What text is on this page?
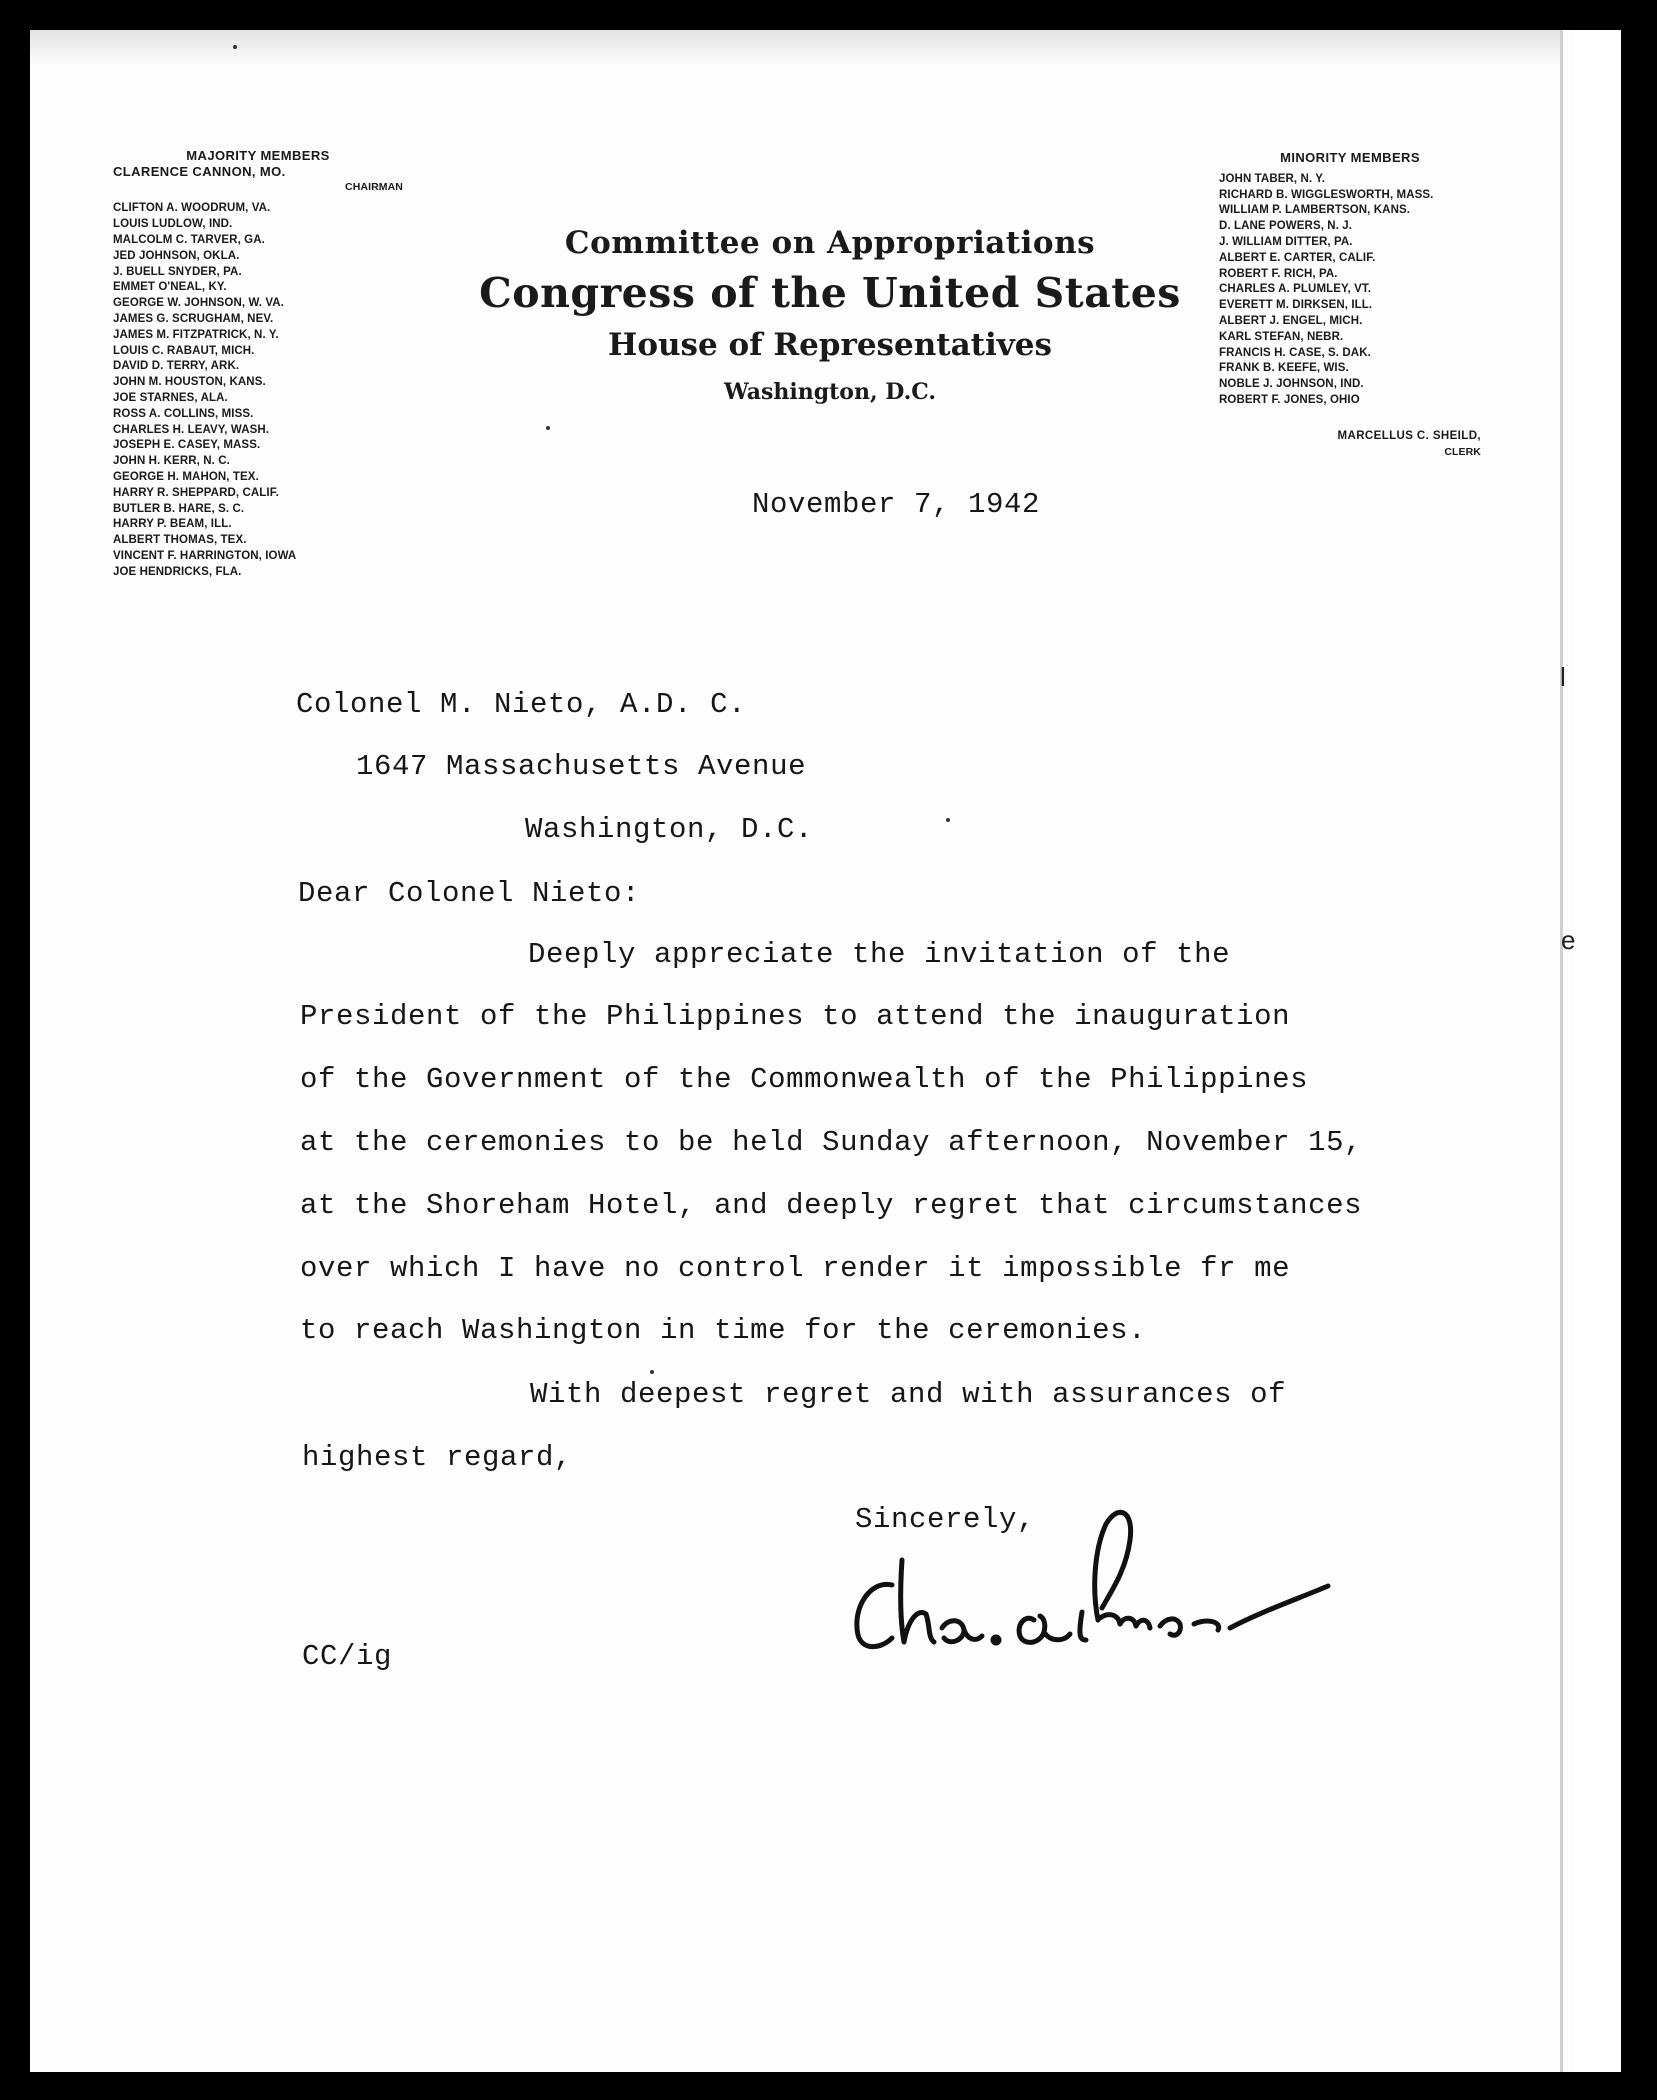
l
e
MAJORITY MEMBERS
CLARENCE CANNON, MO.
CHAIRMAN
CLIFTON A. WOODRUM, VA.
LOUIS LUDLOW, IND.
MALCOLM C. TARVER, GA.
JED JOHNSON, OKLA.
J. BUELL SNYDER, PA.
EMMET O'NEAL, KY.
GEORGE W. JOHNSON, W. VA.
JAMES G. SCRUGHAM, NEV.
JAMES M. FITZPATRICK, N. Y.
LOUIS C. RABAUT, MICH.
DAVID D. TERRY, ARK.
JOHN M. HOUSTON, KANS.
JOE STARNES, ALA.
ROSS A. COLLINS, MISS.
CHARLES H. LEAVY, WASH.
JOSEPH E. CASEY, MASS.
JOHN H. KERR, N. C.
GEORGE H. MAHON, TEX.
HARRY R. SHEPPARD, CALIF.
BUTLER B. HARE, S. C.
HARRY P. BEAM, ILL.
ALBERT THOMAS, TEX.
VINCENT F. HARRINGTON, IOWA
JOE HENDRICKS, FLA.
MINORITY MEMBERS
JOHN TABER, N. Y.
RICHARD B. WIGGLESWORTH, MASS.
WILLIAM P. LAMBERTSON, KANS.
D. LANE POWERS, N. J.
J. WILLIAM DITTER, PA.
ALBERT E. CARTER, CALIF.
ROBERT F. RICH, PA.
CHARLES A. PLUMLEY, VT.
EVERETT M. DIRKSEN, ILL.
ALBERT J. ENGEL, MICH.
KARL STEFAN, NEBR.
FRANCIS H. CASE, S. DAK.
FRANK B. KEEFE, WIS.
NOBLE J. JOHNSON, IND.
ROBERT F. JONES, OHIO
MARCELLUS C. SHEILD,
CLERK
Committee on Appropriations
Congress of the United States
House of Representatives
Washington, D.C.
November 7, 1942
Colonel M. Nieto, A.D. C.
1647 Massachusetts Avenue
Washington, D.C.
Dear Colonel Nieto:
Deeply appreciate the invitation of the
President of the Philippines to attend the inauguration
of the Government of the Commonwealth of the Philippines
at the ceremonies to be held Sunday afternoon, November 15,
at the Shoreham Hotel, and deeply regret that circumstances
over which I have no control render it impossible fr me
to reach Washington in time for the ceremonies.
With deepest regret and with assurances of
highest regard,
Sincerely,
CC/ig
